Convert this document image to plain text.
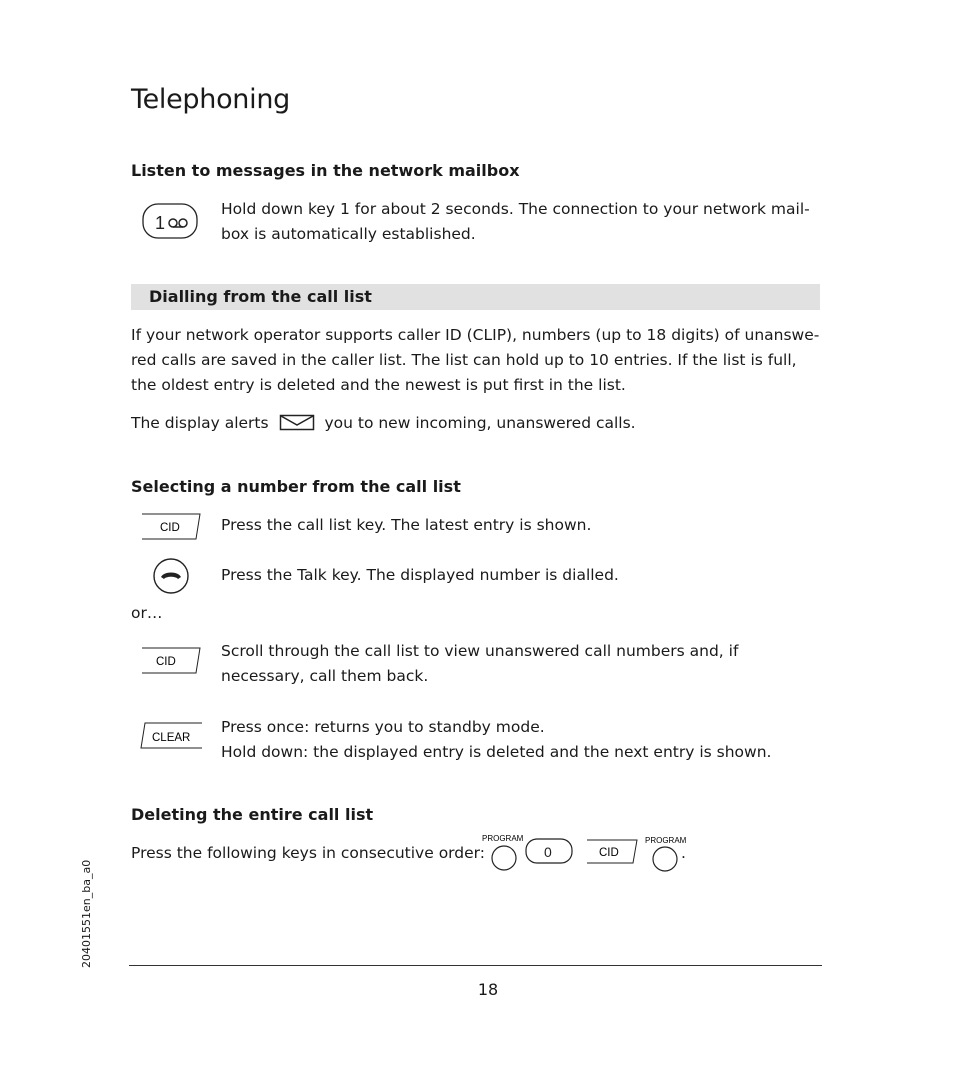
Telephoning
Listen to messages in the network mailbox
1
Hold down key 1 for about 2 seconds. The connection to your network mail-box is automatically established.
Dialling from the call list
If your network operator supports caller ID (CLIP), numbers (up to 18 digits) of unanswe-red calls are saved in the caller list. The list can hold up to 10 entries. If the list is full, the oldest entry is deleted and the newest is put first in the list.
The display alerts	you to new incoming, unanswered calls.
Selecting a number from the call list
CID	Press the call list key. The latest entry is shown.
Press the Talk key. The displayed number is dialled.
or…
CID
Scroll through the call list to view unanswered call numbers and, if necessary, call them back.
CLEAR
Press once: returns you to standby mode.
Hold down: the displayed entry is deleted and the next entry is shown.
Deleting the entire call list
Press the following keys in consecutive order:
PROGRAM
0	CID
PROGRAM
.
18
20401551en_ba_a0
